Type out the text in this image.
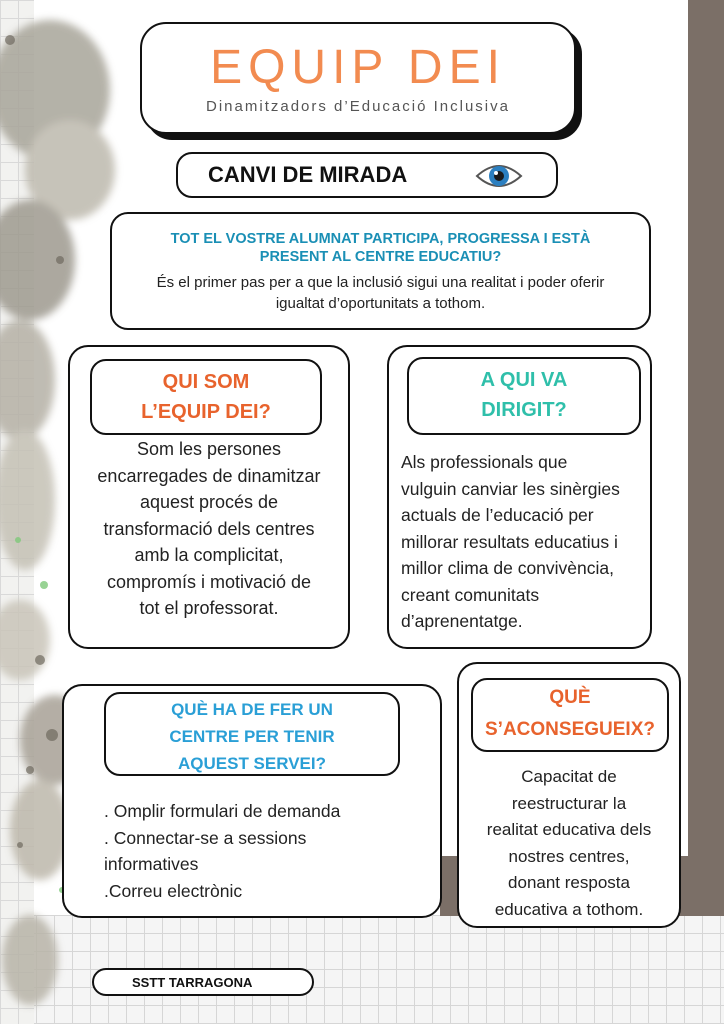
EQUIP DEI
Dinamitzadors d’Educació Inclusiva
CANVI DE MIRADA
TOT EL VOSTRE ALUMNAT PARTICIPA, PROGRESSA I ESTÀ
PRESENT AL CENTRE EDUCATIU?
És el primer pas per a que la inclusió sigui una realitat i poder oferir
igualtat d’oportunitats a tothom.
QUI SOM
L’EQUIP DEI?
Som les persones
encarregades de dinamitzar
aquest procés de
transformació dels centres
amb la complicitat,
compromís i motivació de
tot el professorat.
A QUI VA
DIRIGIT?
Als professionals que
vulguin canviar les sinèrgies
actuals de l’educació per
millorar resultats educatius i
millor clima de convivència,
creant comunitats
d’aprenentatge.
QUÈ HA DE FER UN
CENTRE PER TENIR
AQUEST SERVEI?
. Omplir formulari de demanda
. Connectar-se a sessions
informatives
.Correu electrònic
QUÈ
S’ACONSEGUEIX?
Capacitat de
reestructurar la
realitat educativa dels
nostres centres,
donant resposta
educativa a tothom.
SSTT TARRAGONA
